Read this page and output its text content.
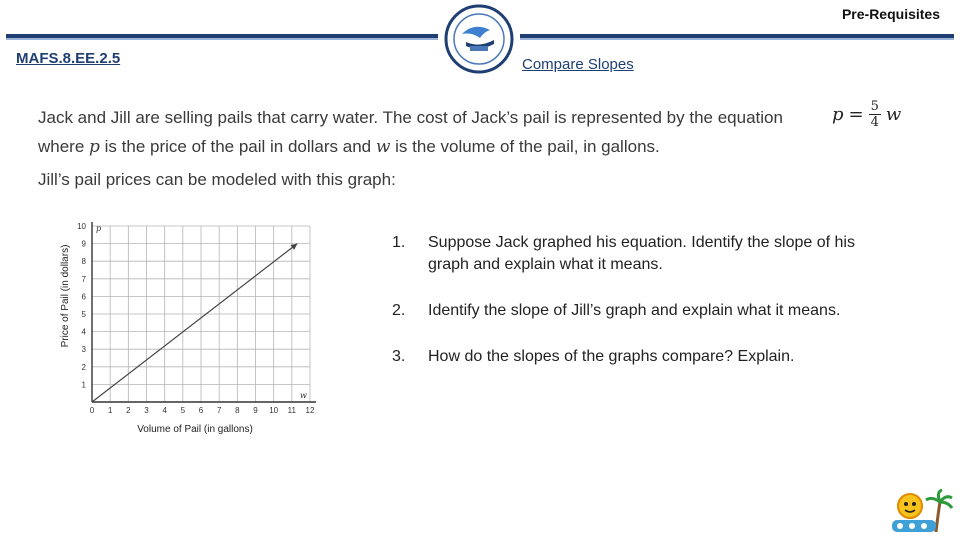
Pre-Requisites
MAFS.8.EE.2.5	Compare Slopes
Jack and Jill are selling pails that carry water. The cost of Jack’s pail is represented by the equation
where p is the price of the pail in dollars and w is the volume of the pail, in gallons.
$p = \frac{5}{4}$ w
Jill’s pail prices can be modeled with this graph:
0 1 2 3 4 5 6 7 8 9 10 11 12
1
2
3
4
5
6
7
8
9
10 p
w
Volume of Pail (in gallons)
Price of Pail (in dollars)
1.	Suppose Jack graphed his equation. Identify the slope of his graph and explain what it means.
2.	Identify the slope of Jill’s graph and explain what it means.
3.	How do the slopes of the graphs compare? Explain.
